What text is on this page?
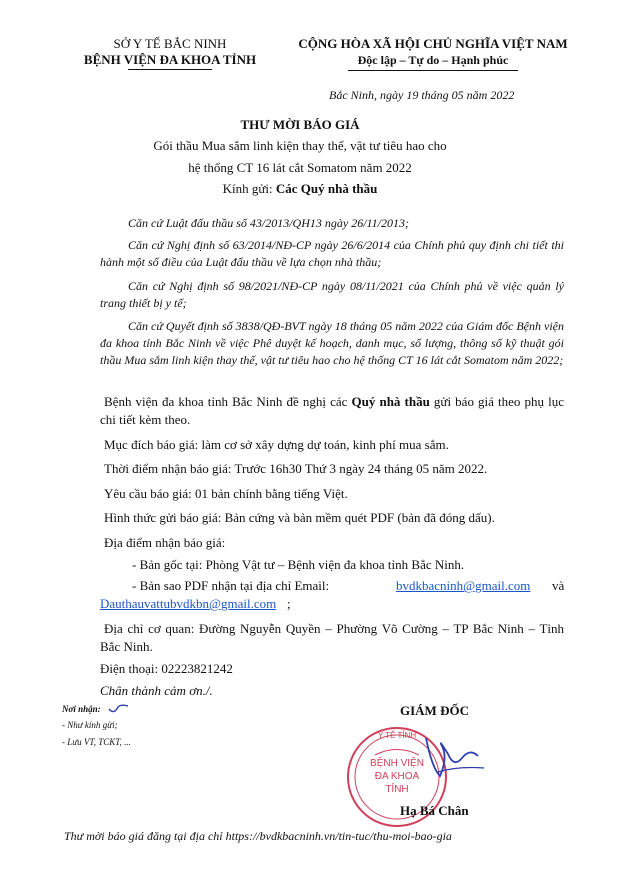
SỞ Y TẾ BẮC NINH
BỆNH VIỆN ĐA KHOA TỈNH
CỘNG HÒA XÃ HỘI CHỦ NGHĨA VIỆT NAM
Độc lập – Tự do – Hạnh phúc
Bắc Ninh, ngày 19 tháng 05 năm 2022
THƯ MỜI BÁO GIÁ
Gói thầu Mua sắm linh kiện thay thế, vật tư tiêu hao cho
hệ thống CT 16 lát cắt Somatom năm 2022
Kính gửi: Các Quý nhà thầu
Căn cứ Luật đấu thầu số 43/2013/QH13 ngày 26/11/2013;
Căn cứ Nghị định số 63/2014/NĐ-CP ngày 26/6/2014 của Chính phủ quy định chi tiết thi hành một số điều của Luật đấu thầu về lựa chọn nhà thầu;
Căn cứ Nghị định số 98/2021/NĐ-CP ngày 08/11/2021 của Chính phủ về việc quản lý trang thiết bị y tế;
Căn cứ Quyết định số 3838/QĐ-BVT ngày 18 tháng 05 năm 2022 của Giám đốc Bệnh viện đa khoa tỉnh Bắc Ninh về việc Phê duyệt kế hoạch, danh mục, số lượng, thông số kỹ thuật gói thầu Mua sắm linh kiện thay thế, vật tư tiêu hao cho hệ thống CT 16 lát cắt Somatom năm 2022;
Bệnh viện đa khoa tỉnh Bắc Ninh đề nghị các Quý nhà thầu gửi báo giá theo phụ lục chi tiết kèm theo.
Mục đích báo giá: làm cơ sở xây dựng dự toán, kinh phí mua sắm.
Thời điểm nhận báo giá: Trước 16h30 Thứ 3 ngày 24 tháng 05 năm 2022.
Yêu cầu báo giá: 01 bản chính bằng tiếng Việt.
Hình thức gửi báo giá: Bản cứng và bản mềm quét PDF (bản đã đóng dấu).
Địa điểm nhận báo giá:
- Bản gốc tại: Phòng Vật tư – Bệnh viện đa khoa tỉnh Bắc Ninh.
- Bản sao PDF nhận tại địa chỉ Email:	bvdkbacninh@gmail.com và
Dauthauvattubvdkbn@gmail.com ;
Địa chỉ cơ quan: Đường Nguyễn Quyền – Phường Võ Cường – TP Bắc Ninh – Tỉnh Bắc Ninh.
Điện thoại: 02223821242
Chân thành cảm ơn./.
Nơi nhận:
- Như kính gửi;
- Lưu VT, TCKT, ...
GIÁM ĐỐC
Y TẾ TỈNH
BỆNH VIỆN ĐA KHOA TỈNH
Hạ Bá Chân
Thư mời báo giá đăng tại địa chỉ https://bvdkbacninh.vn/tin-tuc/thu-moi-bao-gia
